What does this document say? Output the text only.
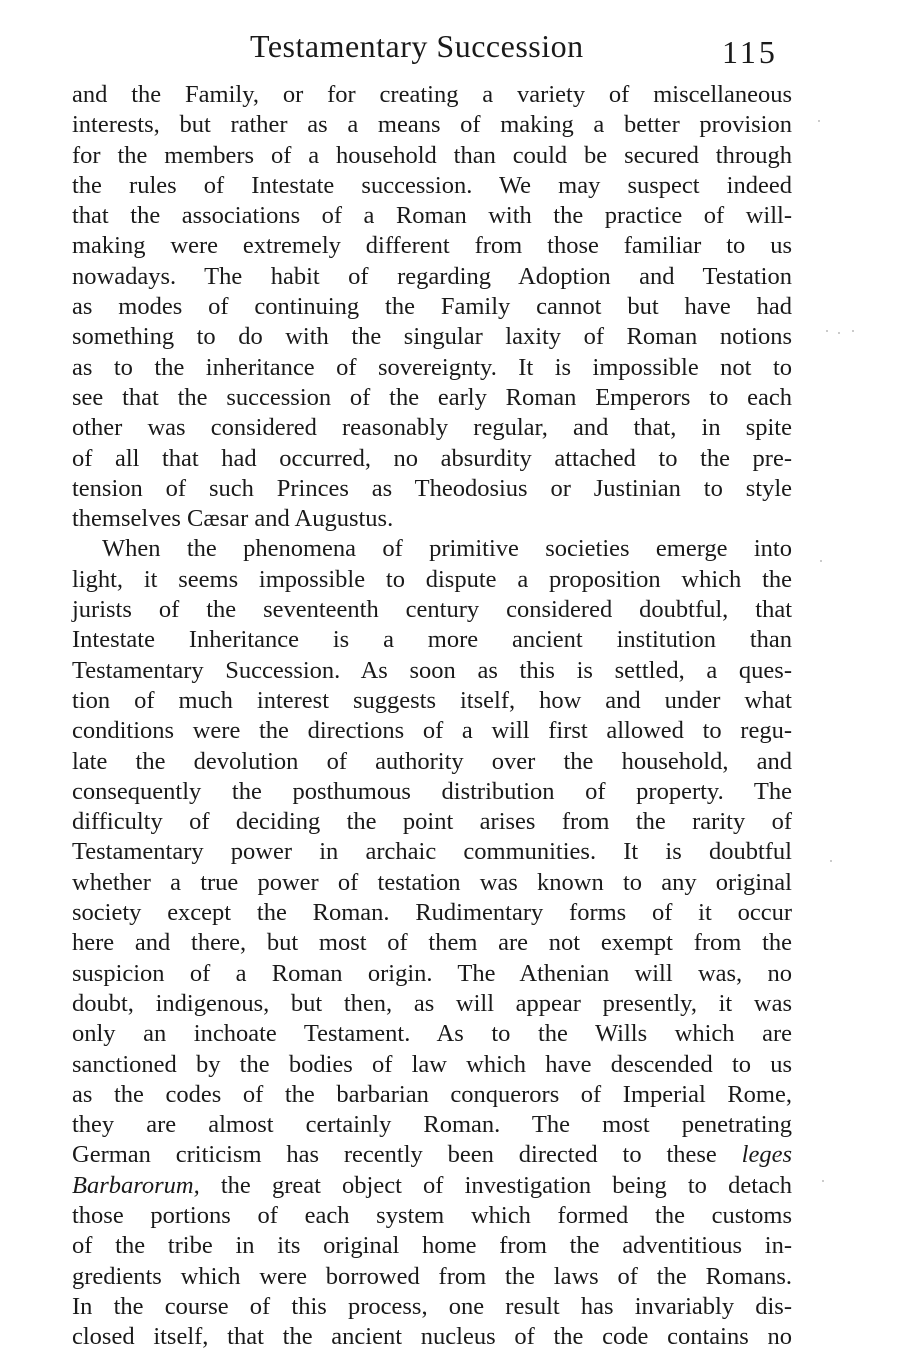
Testamentary Succession	115
and the Family, or for creating a variety of miscellaneous
interests, but rather as a means of making a better provision
for the members of a household than could be secured through
the rules of Intestate succession. We may suspect indeed
that the associations of a Roman with the practice of will-
making were extremely different from those familiar to us
nowadays. The habit of regarding Adoption and Testation
as modes of continuing the Family cannot but have had
something to do with the singular laxity of Roman notions
as to the inheritance of sovereignty. It is impossible not to
see that the succession of the early Roman Emperors to each
other was considered reasonably regular, and that, in spite
of all that had occurred, no absurdity attached to the pre-
tension of such Princes as Theodosius or Justinian to style
themselves Cæsar and Augustus.
When the phenomena of primitive societies emerge into
light, it seems impossible to dispute a proposition which the
jurists of the seventeenth century considered doubtful, that
Intestate Inheritance is a more ancient institution than
Testamentary Succession. As soon as this is settled, a ques-
tion of much interest suggests itself, how and under what
conditions were the directions of a will first allowed to regu-
late the devolution of authority over the household, and
consequently the posthumous distribution of property. The
difficulty of deciding the point arises from the rarity of
Testamentary power in archaic communities. It is doubtful
whether a true power of testation was known to any original
society except the Roman. Rudimentary forms of it occur
here and there, but most of them are not exempt from the
suspicion of a Roman origin. The Athenian will was, no
doubt, indigenous, but then, as will appear presently, it was
only an inchoate Testament. As to the Wills which are
sanctioned by the bodies of law which have descended to us
as the codes of the barbarian conquerors of Imperial Rome,
they are almost certainly Roman. The most penetrating
German criticism has recently been directed to these leges
Barbarorum, the great object of investigation being to detach
those portions of each system which formed the customs
of the tribe in its original home from the adventitious in-
gredients which were borrowed from the laws of the Romans.
In the course of this process, one result has invariably dis-
closed itself, that the ancient nucleus of the code contains no
